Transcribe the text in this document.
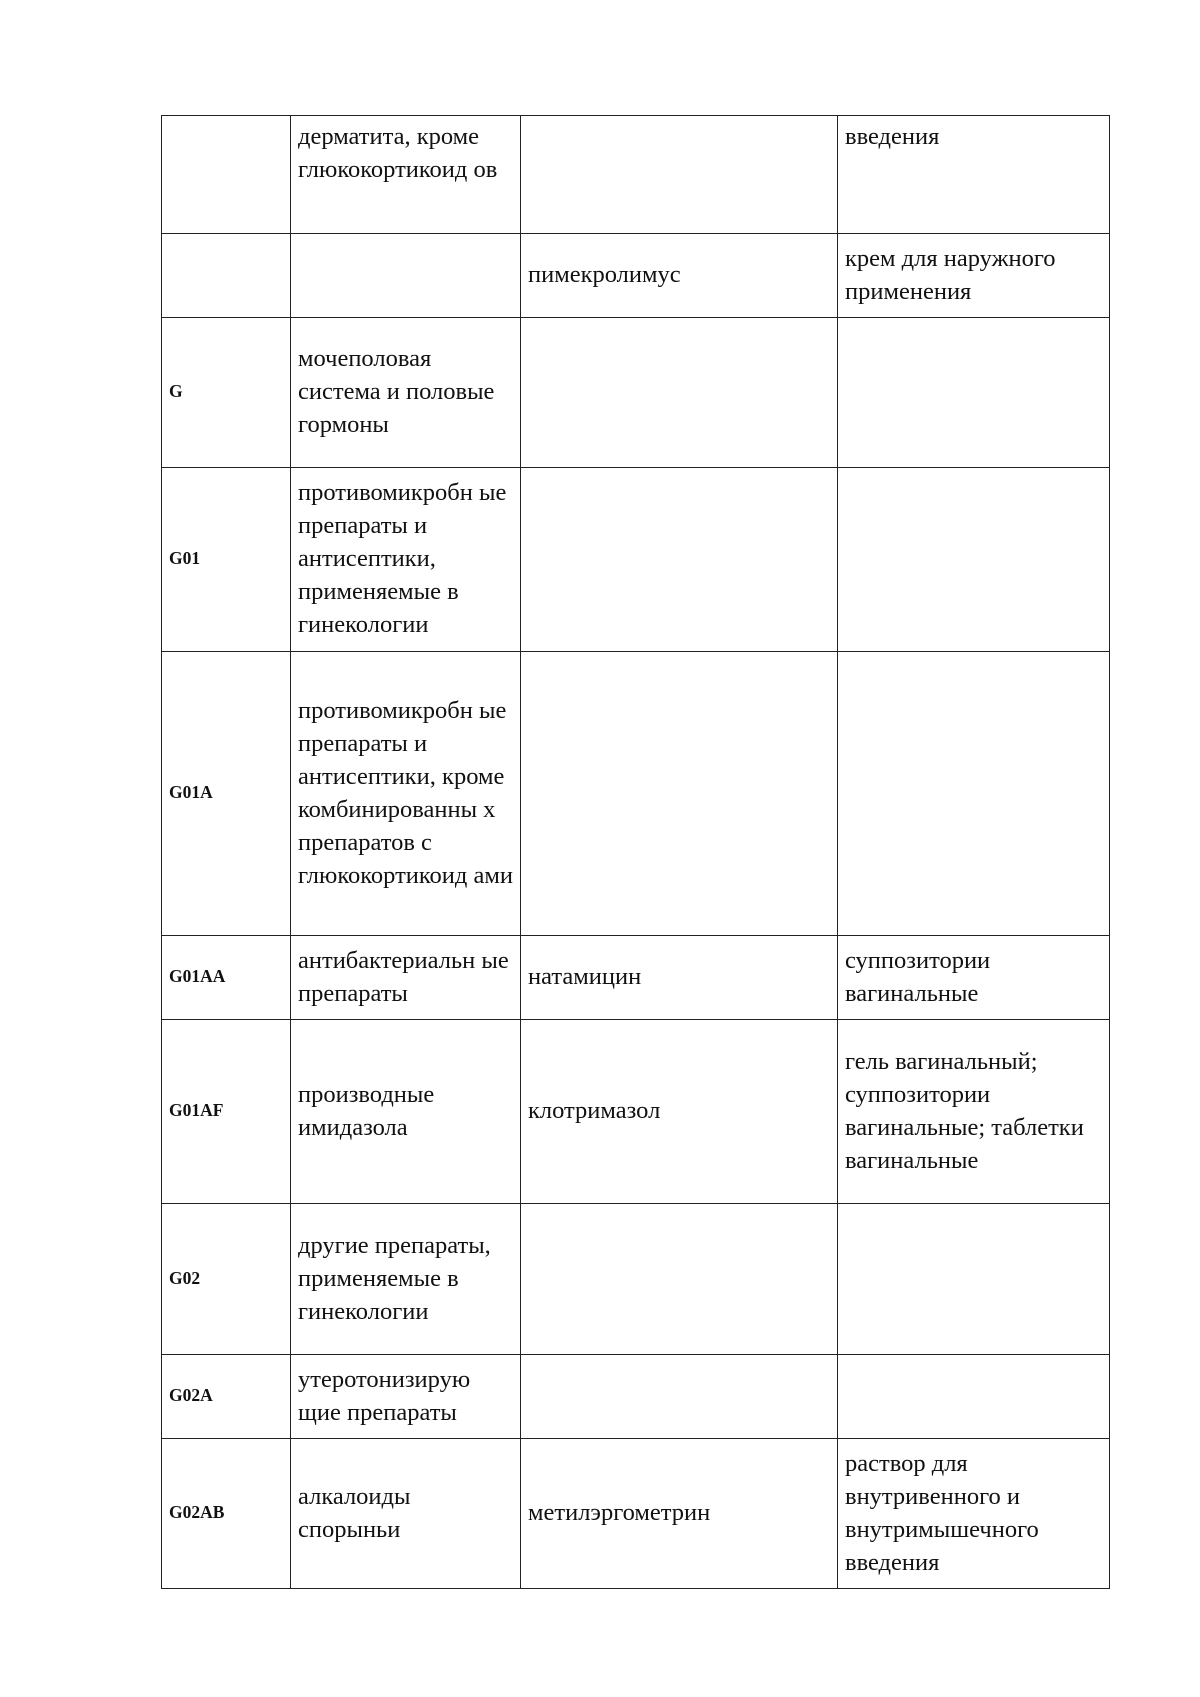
	дерматита, кроме глюкокортикоид ов		введения
		пимекролимус	крем для наружного применения
G	мочеполовая система и половые гормоны		
G01	противомикробн ые препараты и антисептики, применяемые в гинекологии		
G01A	противомикробн ые препараты и антисептики, кроме комбинированны х препаратов с глюкокортикоид ами		
G01AA	антибактериальн ые препараты	натамицин	суппозитории вагинальные
G01AF	производные имидазола	клотримазол	гель вагинальный; суппозитории вагинальные; таблетки вагинальные
G02	другие препараты, применяемые в гинекологии		
G02A	утеротонизирую щие препараты		
G02AB	алкалоиды спорыньи	метилэргометрин	раствор для внутривенного и внутримышечного введения
